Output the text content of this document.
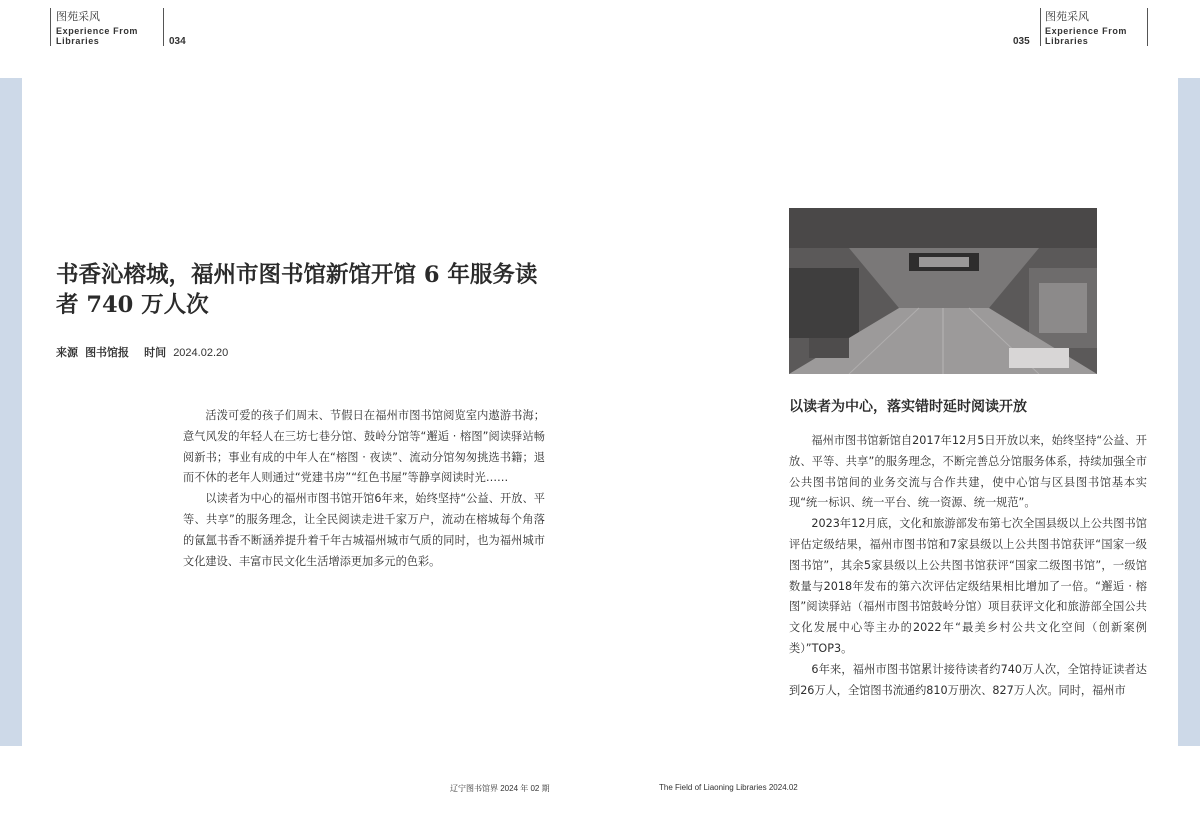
图苑采风
Experience From Libraries	034
图苑采风
Experience From Libraries
035
书香沁榕城，福州市图书馆新馆开馆 6 年服务读者 740 万人次
来源 图书馆报 时间 2024.02.20

活泼可爱的孩子们周末、节假日在福州市图书馆阅览室内遨游书海；意气风发的年轻人在三坊七巷分馆、鼓岭分馆等“邂逅 · 榕图”阅读驿站畅阅新书；事业有成的中年人在“榕图 · 夜读”、流动分馆匆匆挑选书籍；退而不休的老年人则通过“党建书房”“红色书屋”等静享阅读时光……

以读者为中心的福州市图书馆开馆6年来，始终坚持“公益、开放、平等、共享”的服务理念，让全民阅读走进千家万户，流动在榕城每个角落的氤氲书香不断涵养提升着千年古城福州城市气质的同时，也为福州城市文化建设、丰富市民文化生活增添更加多元的色彩。

以读者为中心，落实错时延时阅读开放

福州市图书馆新馆自2017年12月5日开放以来，始终坚持“公益、开放、平等、共享”的服务理念，不断完善总分馆服务体系，持续加强全市公共图书馆间的业务交流与合作共建，使中心馆与区县图书馆基本实现“统一标识、统一平台、统一资源、统一规范”。

2023年12月底，文化和旅游部发布第七次全国县级以上公共图书馆评估定级结果，福州市图书馆和7家县级以上公共图书馆获评“国家一级图书馆”，其余5家县级以上公共图书馆获评“国家二级图书馆”，一级馆数量与2018年发布的第六次评估定级结果相比增加了一倍。“邂逅 · 榕图”阅读驿站（福州市图书馆鼓岭分馆）项目获评文化和旅游部全国公共文化发展中心等主办的2022年“最美乡村公共文化空间（创新案例类）”TOP3。

6年来，福州市图书馆累计接待读者约740万人次，全馆持证读者达到26万人，全馆图书流通约810万册次、827万人次。同时，福州市

辽宁图书馆界 2024 年 02 期	The Field of Liaoning Libraries 2024.02
